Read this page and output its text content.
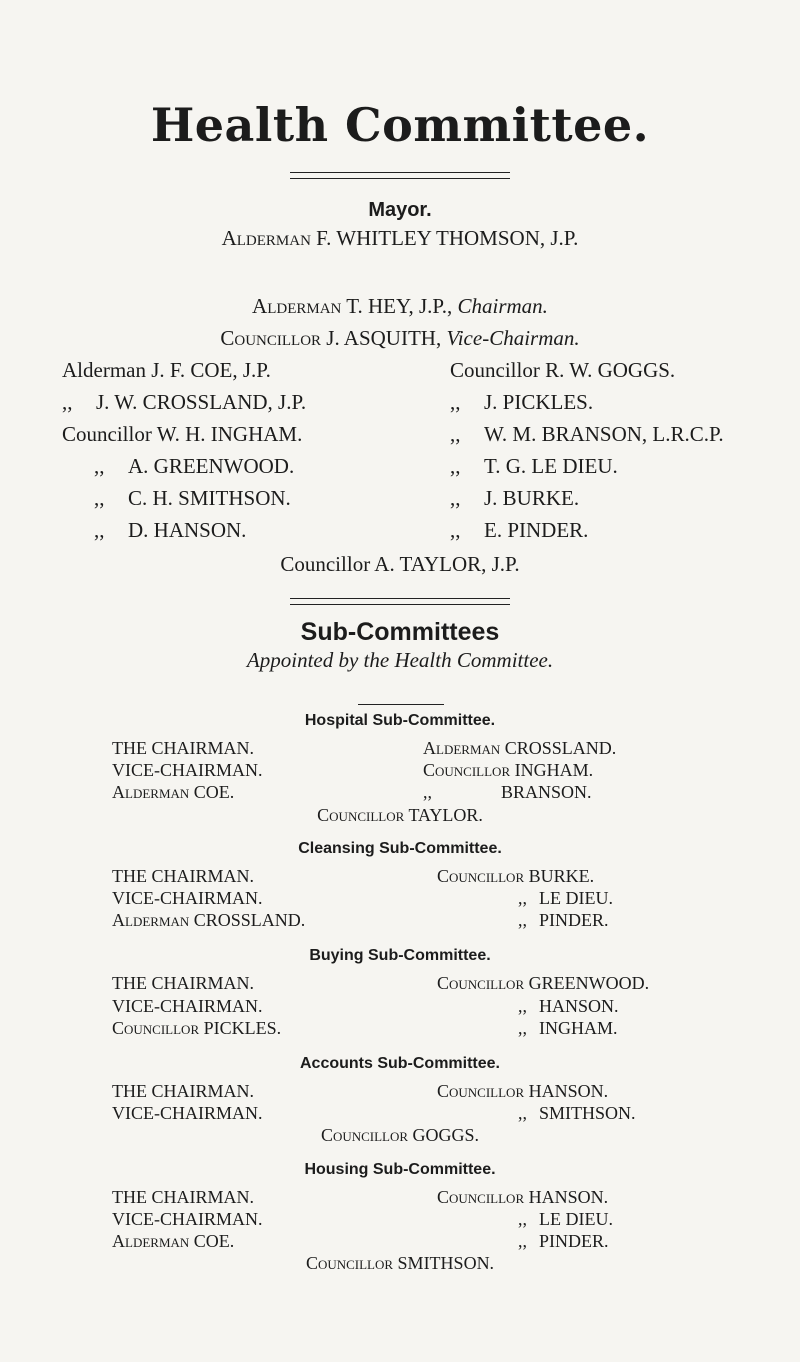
Health Committee.
Mayor.
Alderman F. WHITLEY THOMSON, J.P.
Alderman T. HEY, J.P., Chairman.
Councillor J. ASQUITH, Vice-Chairman.
Alderman J. F. COE, J.P.
,, J. W. CROSSLAND, J.P.
Councillor W. H. INGHAM.
,, A. GREENWOOD.
,, C. H. SMITHSON.
,, D. HANSON.
Councillor R. W. GOGGS.
,, J. PICKLES.
,, W. M. BRANSON, L.R.C.P.
,, T. G. LE DIEU.
,, J. BURKE.
,, E. PINDER.
Councillor A. TAYLOR, J.P.
Sub-Committees
Appointed by the Health Committee.
Hospital Sub-Committee.
THE CHAIRMAN.
VICE-CHAIRMAN.
Alderman COE.
Alderman CROSSLAND.
Councillor INGHAM.
,,	BRANSON.
Councillor TAYLOR.
Cleansing Sub-Committee.
THE CHAIRMAN.
VICE-CHAIRMAN.
Alderman CROSSLAND.
Councillor BURKE.
,, LE DIEU.
,, PINDER.
Buying Sub-Committee.
THE CHAIRMAN.
VICE-CHAIRMAN.
Councillor PICKLES.
Councillor GREENWOOD.
,, HANSON.
,, INGHAM.
Accounts Sub-Committee.
THE CHAIRMAN.
VICE-CHAIRMAN.
Councillor HANSON.
,, SMITHSON.
Councillor GOGGS.
Housing Sub-Committee.
THE CHAIRMAN.
VICE-CHAIRMAN.
Alderman COE.
Councillor HANSON.
,, LE DIEU.
,, PINDER.
Councillor SMITHSON.
